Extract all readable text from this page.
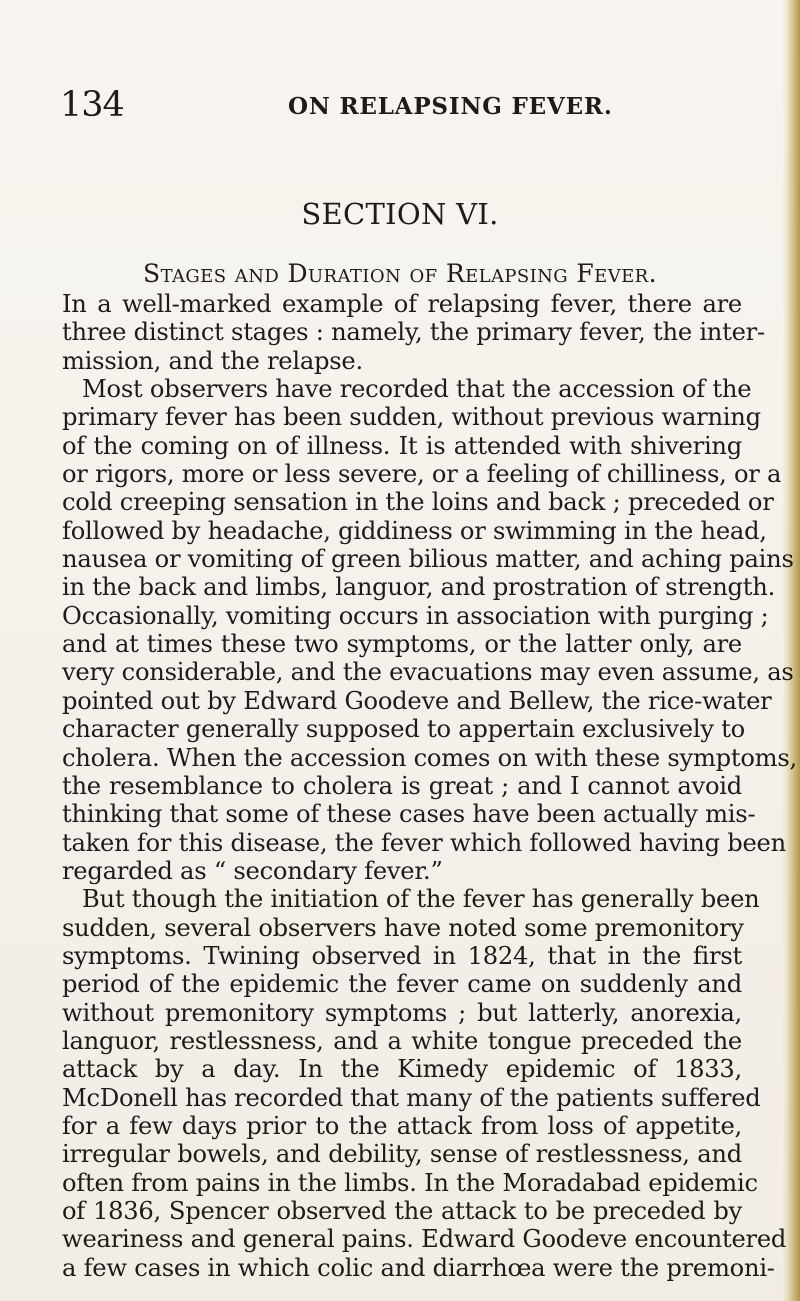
134	ON RELAPSING FEVER.
SECTION VI.
Stages and Duration of Relapsing Fever.
In a well-marked example of relapsing fever, there are
three distinct stages : namely, the primary fever, the inter-
mission, and the relapse.
Most observers have recorded that the accession of the
primary fever has been sudden, without previous warning
of the coming on of illness. It is attended with shivering
or rigors, more or less severe, or a feeling of chilliness, or a
cold creeping sensation in the loins and back ; preceded or
followed by headache, giddiness or swimming in the head,
nausea or vomiting of green bilious matter, and aching pains
in the back and limbs, languor, and prostration of strength.
Occasionally, vomiting occurs in association with purging ;
and at times these two symptoms, or the latter only, are
very considerable, and the evacuations may even assume, as
pointed out by Edward Goodeve and Bellew, the rice-water
character generally supposed to appertain exclusively to
cholera. When the accession comes on with these symptoms,
the resemblance to cholera is great ; and I cannot avoid
thinking that some of these cases have been actually mis-
taken for this disease, the fever which followed having been
regarded as “ secondary fever.”
But though the initiation of the fever has generally been
sudden, several observers have noted some premonitory
symptoms. Twining observed in 1824, that in the first
period of the epidemic the fever came on suddenly and
without premonitory symptoms ; but latterly, anorexia,
languor, restlessness, and a white tongue preceded the
attack by a day. In the Kimedy epidemic of 1833,
McDonell has recorded that many of the patients suffered
for a few days prior to the attack from loss of appetite,
irregular bowels, and debility, sense of restlessness, and
often from pains in the limbs. In the Moradabad epidemic
of 1836, Spencer observed the attack to be preceded by
weariness and general pains. Edward Goodeve encountered
a few cases in which colic and diarrhœa were the premoni-
